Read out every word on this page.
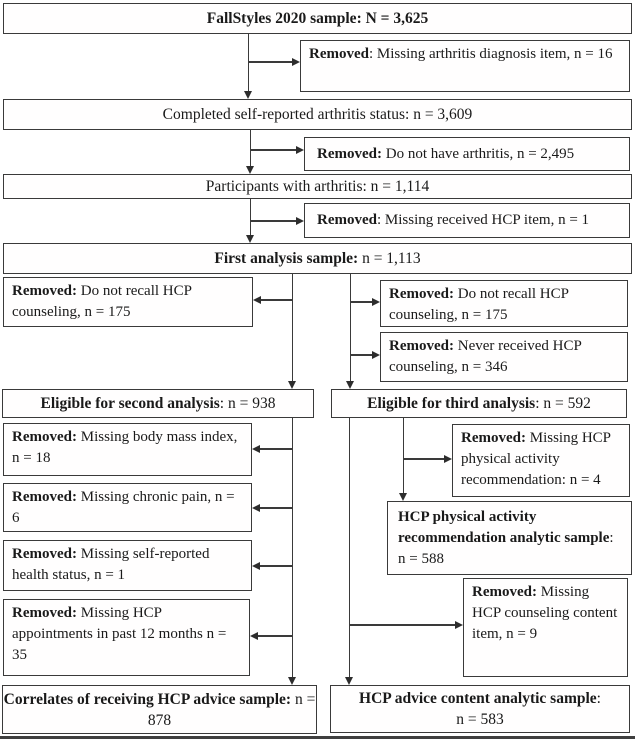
FallStyles 2020 sample: N = 3,625
Removed: Missing arthritis diagnosis item, n = 16
Completed self-reported arthritis status: n = 3,609
Removed: Do not have arthritis, n = 2,495
Participants with arthritis: n = 1,114
Removed: Missing received HCP item, n = 1
First analysis sample: n = 1,113
Removed: Do not recall HCP counseling, n = 175
Removed: Do not recall HCP counseling, n = 175
Removed: Never received HCP counseling, n = 346
Eligible for second analysis: n = 938	Eligible for third analysis: n = 592
Removed: Missing body mass index, n = 18
Removed: Missing chronic pain, n = 6
Removed: Missing self-reported health status, n = 1
Removed: Missing HCP appointments in past 12 months n = 35
Removed: Missing HCP physical activity recommendation: n = 4
HCP physical activity recommendation analytic sample: n = 588
Removed: Missing HCP counseling content item, n = 9
Correlates of receiving HCP advice sample: n = 878
HCP advice content analytic sample:
n = 583
